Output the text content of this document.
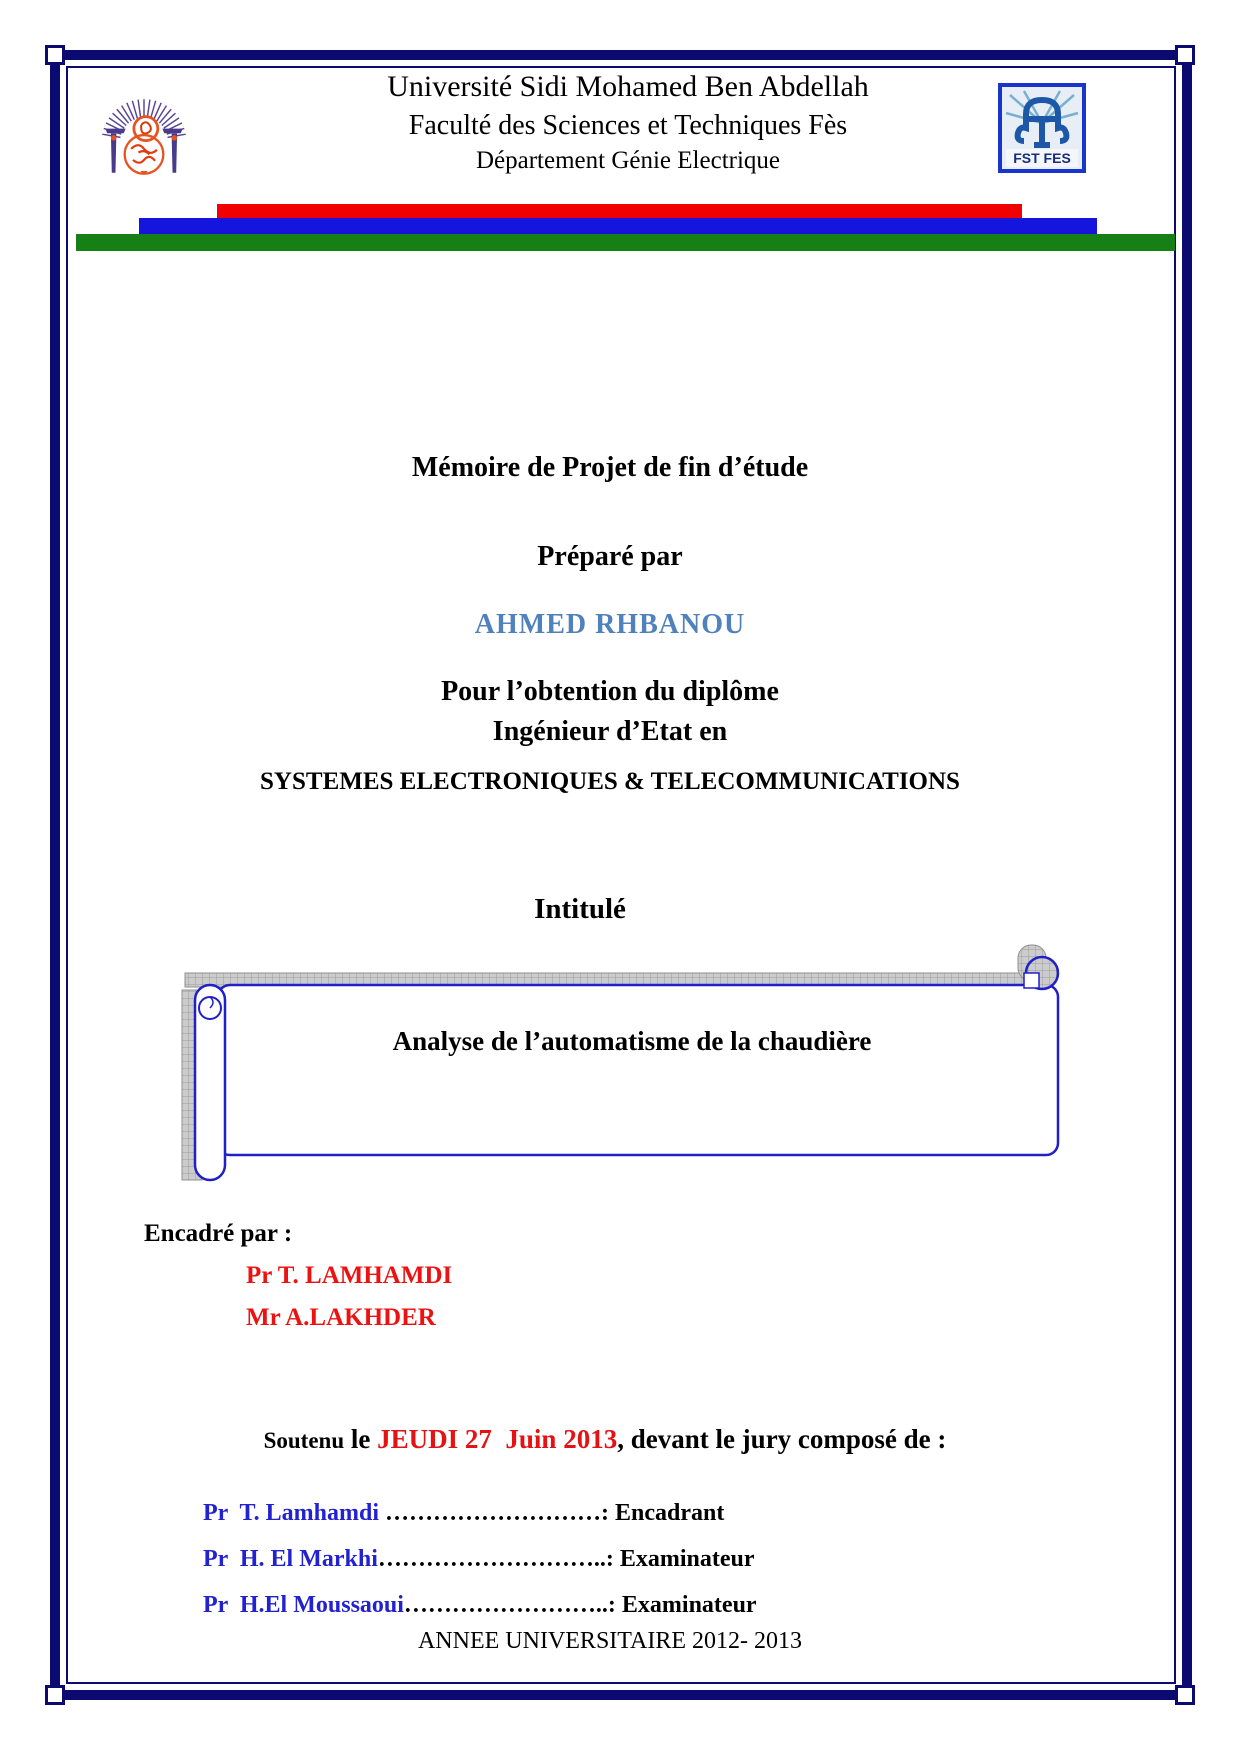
FST FES
Université Sidi Mohamed Ben Abdellah
Faculté des Sciences et Techniques Fès
Département Génie Electrique
Mémoire de Projet de fin d’étude
Préparé par
AHMED RHBANOU
Pour l’obtention du diplôme
Ingénieur d’Etat en
SYSTEMES ELECTRONIQUES & TELECOMMUNICATIONS
Intitulé
Analyse de l’automatisme de la chaudière
Encadré par :
Pr T. LAMHAMDI
Mr A.LAKHDER
Soutenu le JEUDI 27  Juin 2013, devant le jury composé de :
Pr  T. Lamhamdi ………………………: Encadrant
Pr  H. El Markhi………………………..: Examinateur
Pr  H.El Moussaoui……………………..: Examinateur
ANNEE UNIVERSITAIRE 2012- 2013
